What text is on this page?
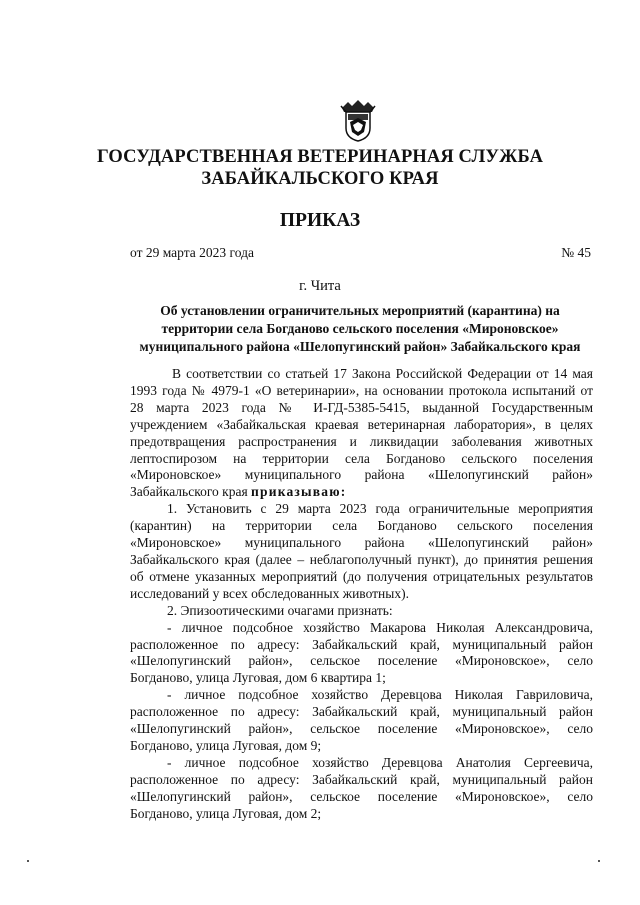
ГОСУДАРСТВЕННАЯ ВЕТЕРИНАРНАЯ СЛУЖБА
ЗАБАЙКАЛЬСКОГО КРАЯ
ПРИКАЗ
от 29 марта 2023 года	№ 45
г. Чита
Об установлении ограничительных мероприятий (карантина) на
территории села Богданово сельского поселения «Мироновское»
муниципального района «Шелопугинский район» Забайкальского края
В соответствии со статьей 17 Закона Российской Федерации от 14 мая
1993 года № 4979-1 «О ветеринарии», на основании протокола испытаний от
28 марта 2023 года № И-ГД-5385-5415, выданной Государственным
учреждением «Забайкальская краевая ветеринарная лаборатория», в целях
предотвращения распространения и ликвидации заболевания животных
лептоспирозом на территории села Богданово сельского поселения
«Мироновское» муниципального района «Шелопугинский район»
Забайкальского края приказываю:
1. Установить с 29 марта 2023 года ограничительные мероприятия
(карантин) на территории села Богданово сельского поселения
«Мироновское» муниципального района «Шелопугинский район»
Забайкальского края (далее – неблагополучный пункт), до принятия решения
об отмене указанных мероприятий (до получения отрицательных результатов
исследований у всех обследованных животных).
2. Эпизоотическими очагами признать:
- личное подсобное хозяйство Макарова Николая Александровича,
расположенное по адресу: Забайкальский край, муниципальный район
«Шелопугинский район», сельское поселение «Мироновское», село
Богданово, улица Луговая, дом 6 квартира 1;
- личное подсобное хозяйство Деревцова Николая Гавриловича,
расположенное по адресу: Забайкальский край, муниципальный район
«Шелопугинский район», сельское поселение «Мироновское», село
Богданово, улица Луговая, дом 9;
- личное подсобное хозяйство Деревцова Анатолия Сергеевича,
расположенное по адресу: Забайкальский край, муниципальный район
«Шелопугинский район», сельское поселение «Мироновское», село
Богданово, улица Луговая, дом 2;
